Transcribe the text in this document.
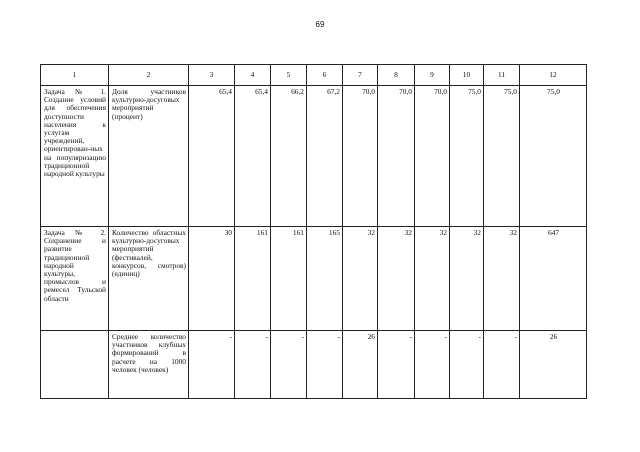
69
1	2	3	4	5	6	7	8	9	10	11	12
Задача № 1. Создание условий для обеспечения доступности населения к услугам учреждений, ориентирован-ных на популяризацию традиционной народной культуры	Доля участников культурно-досуговых мероприятий (процент)	65,4	65,4	66,2	67,2	70,0	70,0	70,0	75,0	75,0	75,0
Задача № 2. Сохранение и развитие традиционной народной культуры, промыслов и ремесел Тульской области	Количество областных культурно-досуговых мероприятий (фестивалей, конкурсов, смотров) (единиц)	30	161	161	165	32	32	32	32	32	647
	Среднее количество участников клубных формирований в расчете на 1000 человек (человек)	-	-	-	-	26	-	-	-	-	26
